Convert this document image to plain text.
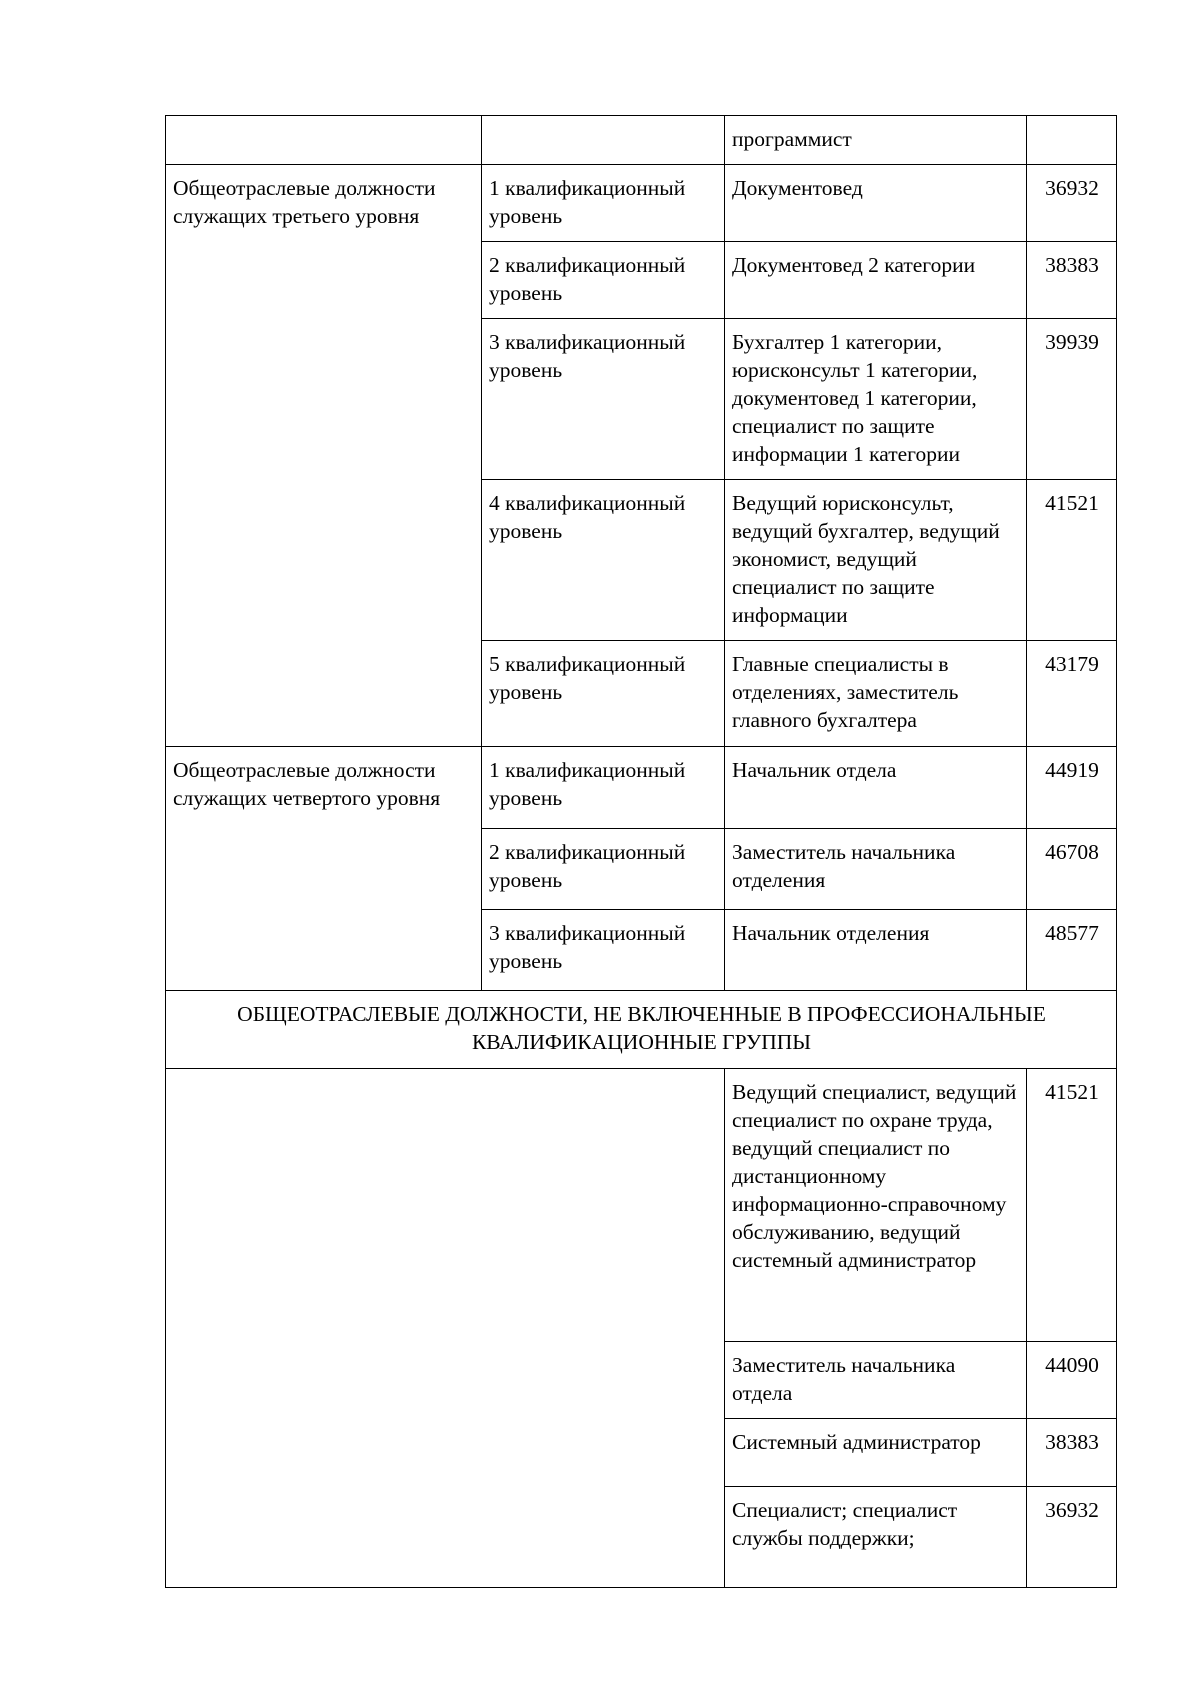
		программист	
Общеотраслевые должности служащих третьего уровня	1 квалификационный уровень	Документовед	36932
	2 квалификационный уровень	Документовед 2 категории	38383
	3 квалификационный уровень	Бухгалтер 1 категории, юрисконсульт 1 категории, документовед 1 категории, специалист по защите информации 1 категории	39939
	4 квалификационный уровень	Ведущий юрисконсульт, ведущий бухгалтер, ведущий экономист, ведущий специалист по защите информации	41521
	5 квалификационный уровень	Главные специалисты в отделениях, заместитель главного бухгалтера	43179
Общеотраслевые должности служащих четвертого уровня	1 квалификационный уровень	Начальник отдела	44919
	2 квалификационный уровень	Заместитель начальника отделения	46708
	3 квалификационный уровень	Начальник отделения	48577
ОБЩЕОТРАСЛЕВЫЕ ДОЛЖНОСТИ, НЕ ВКЛЮЧЕННЫЕ В ПРОФЕССИОНАЛЬНЫЕ КВАЛИФИКАЦИОННЫЕ ГРУППЫ			
		Ведущий специалист, ведущий специалист по охране труда, ведущий специалист по дистанционному информационно-справочному обслуживанию, ведущий системный администратор	41521
		Заместитель начальника отдела	44090
		Системный администратор	38383
		Специалист; специалист службы поддержки;	36932
